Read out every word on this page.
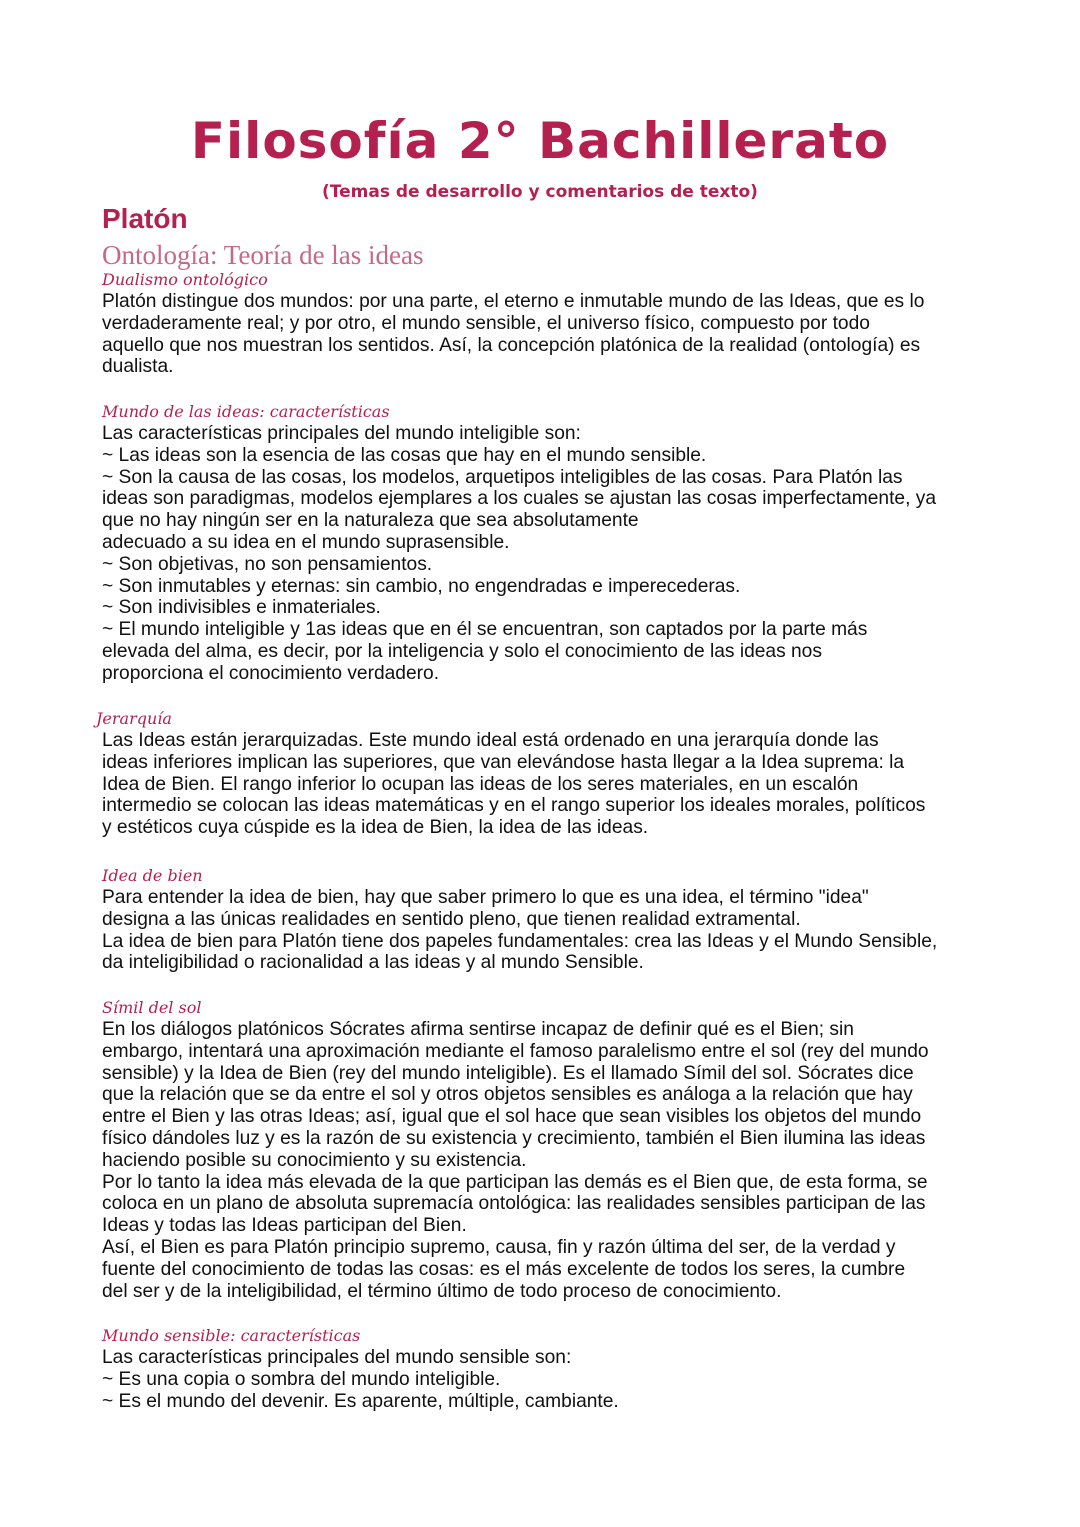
Filosofía 2° Bachillerato
(Temas de desarrollo y comentarios de texto)
Platón
Ontología: Teoría de las ideas
Dualismo ontológico

Platón distingue dos mundos: por una parte, el eterno e inmutable mundo de las Ideas, que es lo

verdaderamente real; y por otro, el mundo sensible, el universo físico, compuesto por todo

aquello que nos muestran los sentidos. Así, la concepción platónica de la realidad (ontología) es

dualista.

Mundo de las ideas: características

Las características principales del mundo inteligible son:

~ Las ideas son la esencia de las cosas que hay en el mundo sensible.

~ Son la causa de las cosas, los modelos, arquetipos inteligibles de las cosas. Para Platón las

ideas son paradigmas, modelos ejemplares a los cuales se ajustan las cosas imperfectamente, ya

que no hay ningún ser en la naturaleza que sea absolutamente

adecuado a su idea en el mundo suprasensible.

~ Son objetivas, no son pensamientos.

~ Son inmutables y eternas: sin cambio, no engendradas e imperecederas.

~ Son indivisibles e inmateriales.

~ El mundo inteligible y 1as ideas que en él se encuentran, son captados por la parte más

elevada del alma, es decir, por la inteligencia y solo el conocimiento de las ideas nos

proporciona el conocimiento verdadero.

Jerarquía

Las Ideas están jerarquizadas. Este mundo ideal está ordenado en una jerarquía donde las

ideas inferiores implican las superiores, que van elevándose hasta llegar a la Idea suprema: la

Idea de Bien. El rango inferior lo ocupan las ideas de los seres materiales, en un escalón

intermedio se colocan las ideas matemáticas y en el rango superior los ideales morales, políticos

y estéticos cuya cúspide es la idea de Bien, la idea de las ideas.

Idea de bien

Para entender la idea de bien, hay que saber primero lo que es una idea, el término "idea"

designa a las únicas realidades en sentido pleno, que tienen realidad extramental.

La idea de bien para Platón tiene dos papeles fundamentales: crea las Ideas y el Mundo Sensible,

da inteligibilidad o racionalidad a las ideas y al mundo Sensible.

Símil del sol

En los diálogos platónicos Sócrates afirma sentirse incapaz de definir qué es el Bien; sin

embargo, intentará una aproximación mediante el famoso paralelismo entre el sol (rey del mundo

sensible) y la Idea de Bien (rey del mundo inteligible). Es el llamado Símil del sol. Sócrates dice

que la relación que se da entre el sol y otros objetos sensibles es análoga a la relación que hay

entre el Bien y las otras Ideas; así, igual que el sol hace que sean visibles los objetos del mundo

físico dándoles luz y es la razón de su existencia y crecimiento, también el Bien ilumina las ideas

haciendo posible su conocimiento y su existencia.

Por lo tanto la idea más elevada de la que participan las demás es el Bien que, de esta forma, se

coloca en un plano de absoluta supremacía ontológica: las realidades sensibles participan de las

Ideas y todas las Ideas participan del Bien.

Así, el Bien es para Platón principio supremo, causa, fin y razón última del ser, de la verdad y

fuente del conocimiento de todas las cosas: es el más excelente de todos los seres, la cumbre

del ser y de la inteligibilidad, el término último de todo proceso de conocimiento.

Mundo sensible: características

Las características principales del mundo sensible son:

~ Es una copia o sombra del mundo inteligible.

~ Es el mundo del devenir. Es aparente, múltiple, cambiante.
